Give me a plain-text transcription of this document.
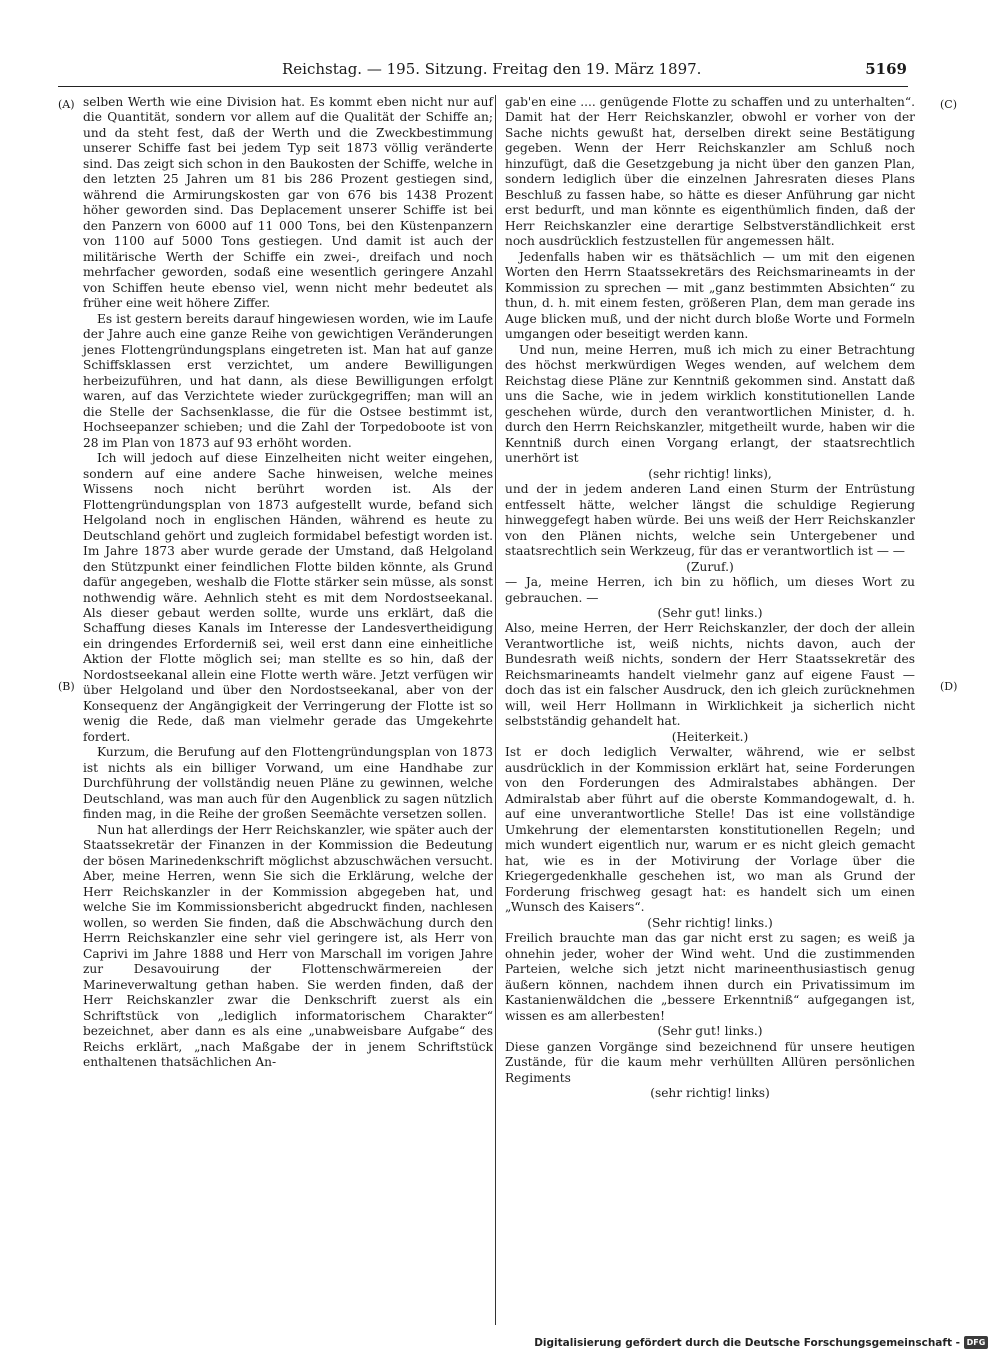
Reichstag. — 195. Sitzung. Freitag den 19. März 1897.	5169
(A)
(B)
(C)
(D)

selben Werth wie eine Division hat. Es kommt eben nicht nur auf die Quantität, sondern vor allem auf die Qualität der Schiffe an; und da steht fest, daß der Werth und die Zweckbestimmung unserer Schiffe fast bei jedem Typ seit 1873 völlig veränderte sind. Das zeigt sich schon in den Baukosten der Schiffe, welche in den letzten 25 Jahren um 81 bis 286 Prozent gestiegen sind, während die Armirungskosten gar von 676 bis 1438 Prozent höher geworden sind. Das Deplacement unserer Schiffe ist bei den Panzern von 6000 auf 11 000 Tons, bei den Küstenpanzern von 1100 auf 5000 Tons gestiegen. Und damit ist auch der militärische Werth der Schiffe ein zwei-, dreifach und noch mehrfacher geworden, sodaß eine wesentlich geringere Anzahl von Schiffen heute ebenso viel, wenn nicht mehr bedeutet als früher eine weit höhere Ziffer.

Es ist gestern bereits darauf hingewiesen worden, wie im Laufe der Jahre auch eine ganze Reihe von gewichtigen Veränderungen jenes Flottengründungsplans eingetreten ist. Man hat auf ganze Schiffsklassen erst verzichtet, um andere Bewilligungen herbeizuführen, und hat dann, als diese Bewilligungen erfolgt waren, auf das Verzichtete wieder zurückgegriffen; man will an die Stelle der Sachsenklasse, die für die Ostsee bestimmt ist, Hochseepanzer schieben; und die Zahl der Torpedoboote ist von 28 im Plan von 1873 auf 93 erhöht worden.

Ich will jedoch auf diese Einzelheiten nicht weiter eingehen, sondern auf eine andere Sache hinweisen, welche meines Wissens noch nicht berührt worden ist. Als der Flottengründungsplan von 1873 aufgestellt wurde, befand sich Helgoland noch in englischen Händen, während es heute zu Deutschland gehört und zugleich formidabel befestigt worden ist. Im Jahre 1873 aber wurde gerade der Umstand, daß Helgoland den Stützpunkt einer feindlichen Flotte bilden könnte, als Grund dafür angegeben, weshalb die Flotte stärker sein müsse, als sonst nothwendig wäre. Aehnlich steht es mit dem Nordostseekanal. Als dieser gebaut werden sollte, wurde uns erklärt, daß die Schaffung dieses Kanals im Interesse der Landesvertheidigung ein dringendes Erforderniß sei, weil erst dann eine einheitliche Aktion der Flotte möglich sei; man stellte es so hin, daß der Nordostseekanal allein eine Flotte werth wäre. Jetzt verfügen wir über Helgoland und über den Nordostseekanal, aber von der Konsequenz der Angängigkeit der Verringerung der Flotte ist so wenig die Rede, daß man vielmehr gerade das Umgekehrte fordert.

Kurzum, die Berufung auf den Flottengründungsplan von 1873 ist nichts als ein billiger Vorwand, um eine Handhabe zur Durchführung der vollständig neuen Pläne zu gewinnen, welche Deutschland, was man auch für den Augenblick zu sagen nützlich finden mag, in die Reihe der großen Seemächte versetzen sollen.

Nun hat allerdings der Herr Reichskanzler, wie später auch der Staatssekretär der Finanzen in der Kommission die Bedeutung der bösen Marinedenkschrift möglichst abzuschwächen versucht. Aber, meine Herren, wenn Sie sich die Erklärung, welche der Herr Reichskanzler in der Kommission abgegeben hat, und welche Sie im Kommissionsbericht abgedruckt finden, nachlesen wollen, so werden Sie finden, daß die Abschwächung durch den Herrn Reichskanzler eine sehr viel geringere ist, als Herr von Caprivi im Jahre 1888 und Herr von Marschall im vorigen Jahre zur Desavouirung der Flottenschwärmereien der Marineverwaltung gethan haben. Sie werden finden, daß der Herr Reichskanzler zwar die Denkschrift zuerst als ein Schriftstück von „lediglich informatorischem Charakter“ bezeichnet, aber dann es als eine „unabweisbare Aufgabe“ des Reichs erklärt, „nach Maßgabe der in jenem Schriftstück enthaltenen thatsächlichen An-

gab'en eine .... genügende Flotte zu schaffen und zu unterhalten“. Damit hat der Herr Reichskanzler, obwohl er vorher von der Sache nichts gewußt hat, derselben direkt seine Bestätigung gegeben. Wenn der Herr Reichskanzler am Schluß noch hinzufügt, daß die Gesetzgebung ja nicht über den ganzen Plan, sondern lediglich über die einzelnen Jahresraten dieses Plans Beschluß zu fassen habe, so hätte es dieser Anführung gar nicht erst bedurft, und man könnte es eigenthümlich finden, daß der Herr Reichskanzler eine derartige Selbstverständlichkeit erst noch ausdrücklich festzustellen für angemessen hält.

Jedenfalls haben wir es thätsächlich — um mit den eigenen Worten den Herrn Staatssekretärs des Reichsmarineamts in der Kommission zu sprechen — mit „ganz bestimmten Absichten“ zu thun, d. h. mit einem festen, größeren Plan, dem man gerade ins Auge blicken muß, und der nicht durch bloße Worte und Formeln umgangen oder beseitigt werden kann.

Und nun, meine Herren, muß ich mich zu einer Betrachtung des höchst merkwürdigen Weges wenden, auf welchem dem Reichstag diese Pläne zur Kenntniß gekommen sind. Anstatt daß uns die Sache, wie in jedem wirklich konstitutionellen Lande geschehen würde, durch den verantwortlichen Minister, d. h. durch den Herrn Reichskanzler, mitgetheilt wurde, haben wir die Kenntniß durch einen Vorgang erlangt, der staatsrechtlich unerhört ist

(sehr richtig! links),

und der in jedem anderen Land einen Sturm der Entrüstung entfesselt hätte, welcher längst die schuldige Regierung hinweggefegt haben würde. Bei uns weiß der Herr Reichskanzler von den Plänen nichts, welche sein Untergebener und staatsrechtlich sein Werkzeug, für das er verantwortlich ist — —

(Zuruf.)

— Ja, meine Herren, ich bin zu höflich, um dieses Wort zu gebrauchen. —

(Sehr gut! links.)

Also, meine Herren, der Herr Reichskanzler, der doch der allein Verantwortliche ist, weiß nichts, nichts davon, auch der Bundesrath weiß nichts, sondern der Herr Staatssekretär des Reichsmarineamts handelt vielmehr ganz auf eigene Faust — doch das ist ein falscher Ausdruck, den ich gleich zurücknehmen will, weil Herr Hollmann in Wirklichkeit ja sicherlich nicht selbstständig gehandelt hat.

(Heiterkeit.)

Ist er doch lediglich Verwalter, während, wie er selbst ausdrücklich in der Kommission erklärt hat, seine Forderungen von den Forderungen des Admiralstabes abhängen. Der Admiralstab aber führt auf die oberste Kommandogewalt, d. h. auf eine unverantwortliche Stelle! Das ist eine vollständige Umkehrung der elementarsten konstitutionellen Regeln; und mich wundert eigentlich nur, warum er es nicht gleich gemacht hat, wie es in der Motivirung der Vorlage über die Kriegergedenkhalle geschehen ist, wo man als Grund der Forderung frischweg gesagt hat: es handelt sich um einen „Wunsch des Kaisers“.

(Sehr richtig! links.)

Freilich brauchte man das gar nicht erst zu sagen; es weiß ja ohnehin jeder, woher der Wind weht. Und die zustimmenden Parteien, welche sich jetzt nicht marineenthusiastisch genug äußern können, nachdem ihnen durch ein Privatissimum im Kastanienwäldchen die „bessere Erkenntniß“ aufgegangen ist, wissen es am allerbesten!

(Sehr gut! links.)

Diese ganzen Vorgänge sind bezeichnend für unsere heutigen Zustände, für die kaum mehr verhüllten Allüren persönlichen Regiments

(sehr richtig! links)

Digitalisierung gefördert durch die Deutsche Forschungsgemeinschaft - DFG
